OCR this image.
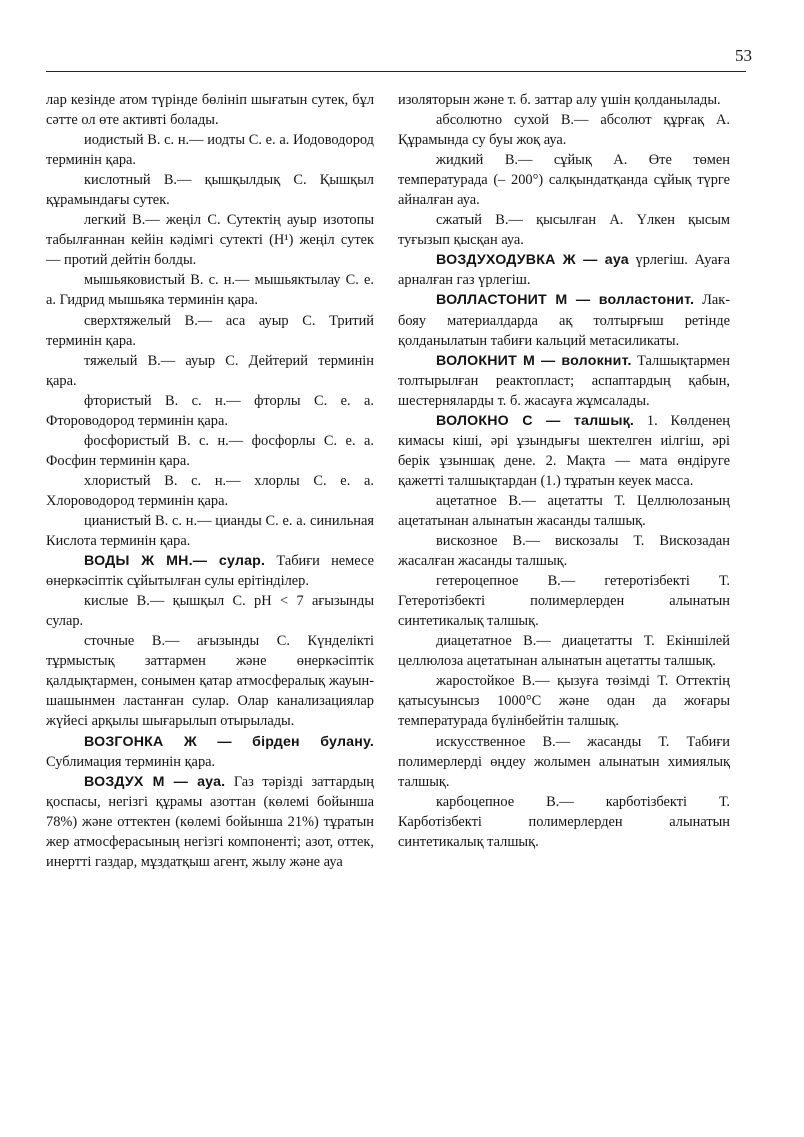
53

лар кезінде атом түрінде бөлініп шығатын сутек, бұл сәтте ол өте активті болады.

иодистый В. с. н.— иодты С. е. а. Иодоводород терминін қара.

кислотный В.— қышқылдық С. Қышқыл құрамындағы сутек.

легкий В.— жеңіл С. Сутектің ауыр изотопы табылғаннан кейін кәдімгі сутекті (H¹) жеңіл сутек — протий дейтін болды.

мышьяковистый В. с. н.— мышьяктылау С. е. а. Гидрид мышьяка терминін қара.

сверхтяжелый В.— аса ауыр С. Тритий терминін қара.

тяжелый В.— ауыр С. Дейтерий терминін қара.

фтористый В. с. н.— фторлы С. е. а. Фтороводород терминін қара.

фосфористый В. с. н.— фосфорлы С. е. а. Фосфин терминін қара.

хлористый В. с. н.— хлорлы С. е. а. Хлороводород терминін қара.

цианистый В. с. н.— цианды С. е. а. синильная Кислота терминін қара.

ВОДЫ Ж МН.— сулар. Табиғи немесе өнеркәсіптік сұйытылған сулы ерітінділер.

кислые В.— қышқыл С. рН < 7 ағызынды сулар.

сточные В.— ағызынды С. Күнделікті тұрмыстық заттармен және өнеркәсіптік қалдықтармен, сонымен қатар атмосфералық жауын-шашынмен ластанған сулар. Олар канализациялар жүйесі арқылы шығарылып отырылады.

ВОЗГОНКА Ж — бірден булану. Сублимация терминін қара.

ВОЗДУХ М — ауа. Газ тәрізді заттардың қоспасы, негізгі құрамы азоттан (көлемі бойынша 78%) және оттектен (көлемі бойынша 21%) тұратын жер атмосферасының негізгі компоненті; азот, оттек, инертті газдар, мұздатқыш агент, жылу және ауа

изоляторын және т. б. заттар алу үшін қолданылады.

абсолютно сухой В.— абсолют құрғақ А. Құрамында су буы жоқ ауа.

жидкий В.— сұйық А. Өте төмен температурада (– 200°) салқындатқанда сұйық түрге айналған ауа.

сжатый В.— қысылған А. Үлкен қысым туғызып қысқан ауа.

ВОЗДУХОДУВКА Ж — ауа үрлегіш. Ауаға арналған газ үрлегіш.

ВОЛЛАСТОНИТ М — волластонит. Лак-бояу материалдарда ақ толтырғыш ретінде қолданылатын табиғи кальций метасиликаты.

ВОЛОКНИТ М — волокнит. Талшықтармен толтырылған реактопласт; аспаптардың қабын, шестерняларды т. б. жасауға жұмсалады.

ВОЛОКНО С — талшық. 1. Көлденең кимасы кіші, әрі ұзындығы шектелген иілгіш, әрі берік ұзыншақ дене. 2. Мақта — мата өндіруге қажетті талшықтардан (1.) тұратын кеуек масса.

ацетатное В.— ацетатты Т. Целлюлозаның ацетатынан алынатын жасанды талшық.

вискозное В.— вискозалы Т. Вискозадан жасалған жасанды талшық.

гетероцепное В.— гетеротізбекті Т. Гетеротізбекті полимерлерден алынатын синтетикалық талшық.

диацетатное В.— диацетатты Т. Екіншілей целлюлоза ацетатынан алынатын ацетатты талшық.

жаростойкое В.— қызуға төзімді Т. Оттектің қатысуынсыз 1000°С және одан да жоғары температурада бүлінбейтін талшық.

искусственное В.— жасанды Т. Табиғи полимерлерді өңдеу жолымен алынатын химиялық талшық.

карбоцепное В.— карботізбекті Т. Карботізбекті полимерлерден алынатын синтетикалық талшық.
